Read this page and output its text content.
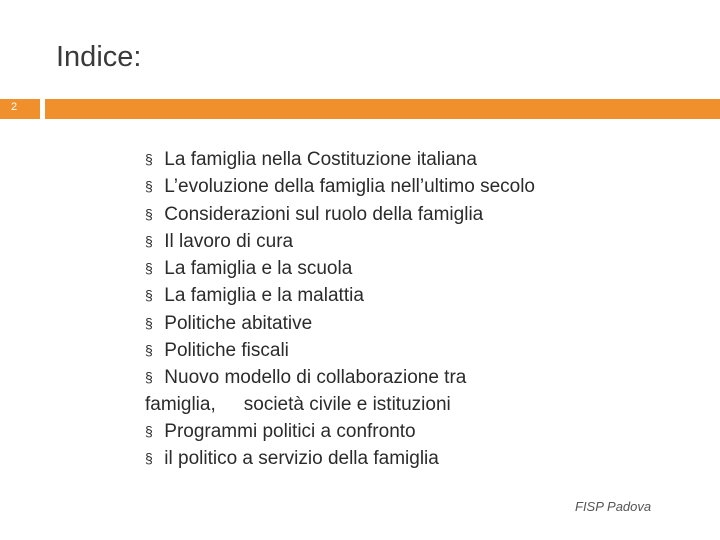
Indice:
2
§ La famiglia nella Costituzione italiana
§ L’evoluzione della famiglia nell’ultimo secolo
§ Considerazioni sul ruolo della famiglia
§ Il lavoro di cura
§ La famiglia e la scuola
§ La famiglia e la malattia
§ Politiche abitative
§ Politiche fiscali
§ Nuovo modello di collaborazione tra
famiglia, società civile e istituzioni
§ Programmi politici a confronto
§ il politico a servizio della famiglia
FISP Padova
